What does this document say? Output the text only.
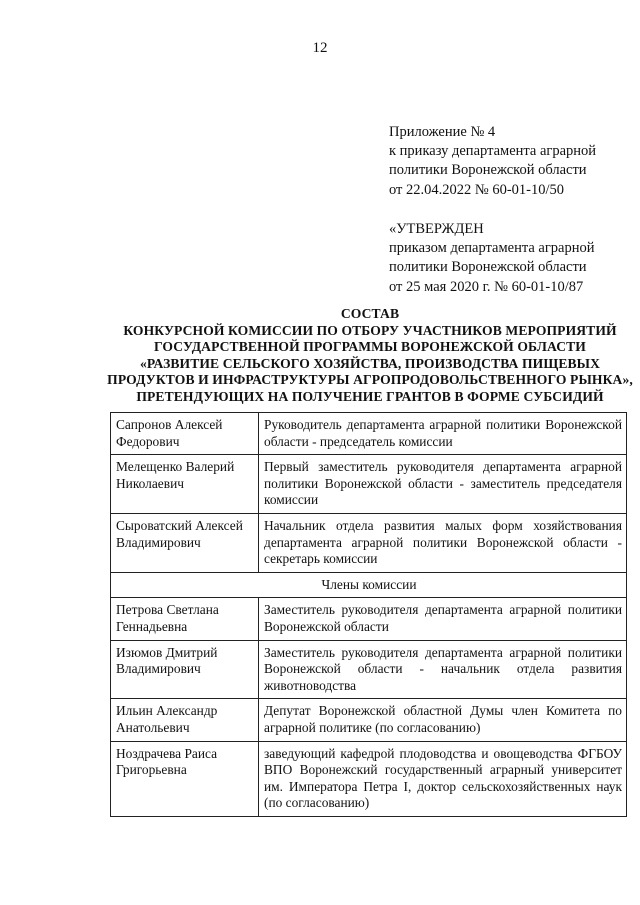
12
Приложение № 4
к приказу департамента аграрной
политики Воронежской области
от 22.04.2022 № 60-01-10/50
«УТВЕРЖДЕН
приказом департамента аграрной
политики Воронежской области
от 25 мая 2020 г. № 60-01-10/87
СОСТАВ
КОНКУРСНОЙ КОМИССИИ ПО ОТБОРУ УЧАСТНИКОВ МЕРОПРИЯТИЙ
ГОСУДАРСТВЕННОЙ ПРОГРАММЫ ВОРОНЕЖСКОЙ ОБЛАСТИ
«РАЗВИТИЕ СЕЛЬСКОГО ХОЗЯЙСТВА, ПРОИЗВОДСТВА ПИЩЕВЫХ
ПРОДУКТОВ И ИНФРАСТРУКТУРЫ АГРОПРОДОВОЛЬСТВЕННОГО РЫНКА»,
ПРЕТЕНДУЮЩИХ НА ПОЛУЧЕНИЕ ГРАНТОВ В ФОРМЕ СУБСИДИЙ
Сапронов Алексей Федорович	Руководитель департамента аграрной политики Воронежской области - председатель комиссии
Мелещенко Валерий Николаевич	Первый заместитель руководителя департамента аграрной политики Воронежской области - заместитель председателя комиссии
Сыроватский Алексей Владимирович	Начальник отдела развития малых форм хозяйствования департамента аграрной политики Воронежской области - секретарь комиссии
Члены комиссии	
Петрова Светлана Геннадьевна	Заместитель руководителя департамента аграрной политики Воронежской области
Изюмов Дмитрий Владимирович	Заместитель руководителя департамента аграрной политики Воронежской области - начальник отдела развития животноводства
Ильин Александр Анатольевич	Депутат Воронежской областной Думы член Комитета по аграрной политике (по согласованию)
Ноздрачева Раиса Григорьевна	заведующий кафедрой плодоводства и овощеводства ФГБОУ ВПО Воронежский государственный аграрный университет им. Императора Петра I, доктор сельскохозяйственных наук (по согласованию)
